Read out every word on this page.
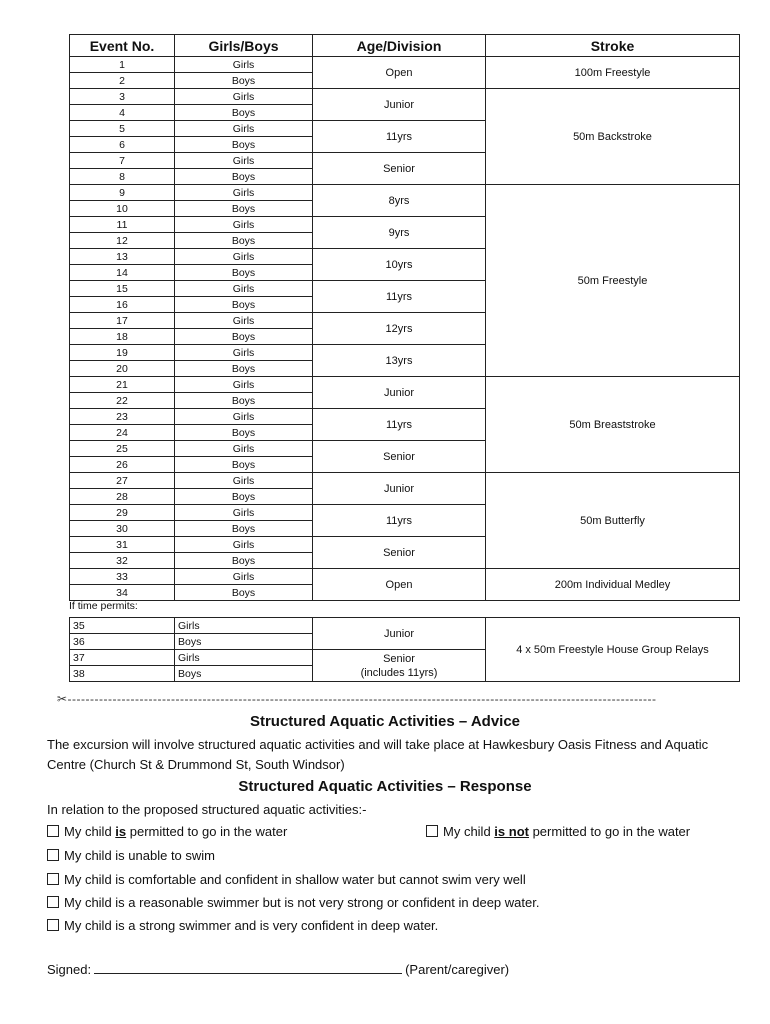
Event No.	Girls/Boys	Age/Division	Stroke
1	Girls	Open	100m Freestyle
2	Boys		
3	Girls	Junior	50m Backstroke
4	Boys		
5	Girls	11yrs	
6	Boys		
7	Girls	Senior	
8	Boys		
9	Girls	8yrs	50m Freestyle
10	Boys		
11	Girls	9yrs	
12	Boys		
13	Girls	10yrs	
14	Boys		
15	Girls	11yrs	
16	Boys		
17	Girls	12yrs	
18	Boys		
19	Girls	13yrs	
20	Boys		
21	Girls	Junior	50m Breaststroke
22	Boys		
23	Girls	11yrs	
24	Boys		
25	Girls	Senior	
26	Boys		
27	Girls	Junior	50m Butterfly
28	Boys		
29	Girls	11yrs	
30	Boys		
31	Girls	Senior	
32	Boys		
33	Girls	Open	200m Individual Medley
34	Boys		
If time permits:
35	Girls	Junior	4 x 50m Freestyle House Group Relays
36	Boys		
37	Girls	Senior
(includes 11yrs)	
38	Boys		
✂-----------------------------------------------------------------------------------------------------------------------------------
Structured Aquatic Activities – Advice
The excursion will involve structured aquatic activities and will take place at Hawkesbury Oasis Fitness and Aquatic Centre (Church St & Drummond St, South Windsor)
Structured Aquatic Activities – Response
In relation to the proposed structured aquatic activities:-
My child is permitted to go in the water	My child is not permitted to go in the water
My child is unable to swim
My child is comfortable and confident in shallow water but cannot swim very well
My child is a reasonable swimmer but is not very strong or confident in deep water.
My child is a strong swimmer and is very confident in deep water.
Signed:	(Parent/caregiver)
